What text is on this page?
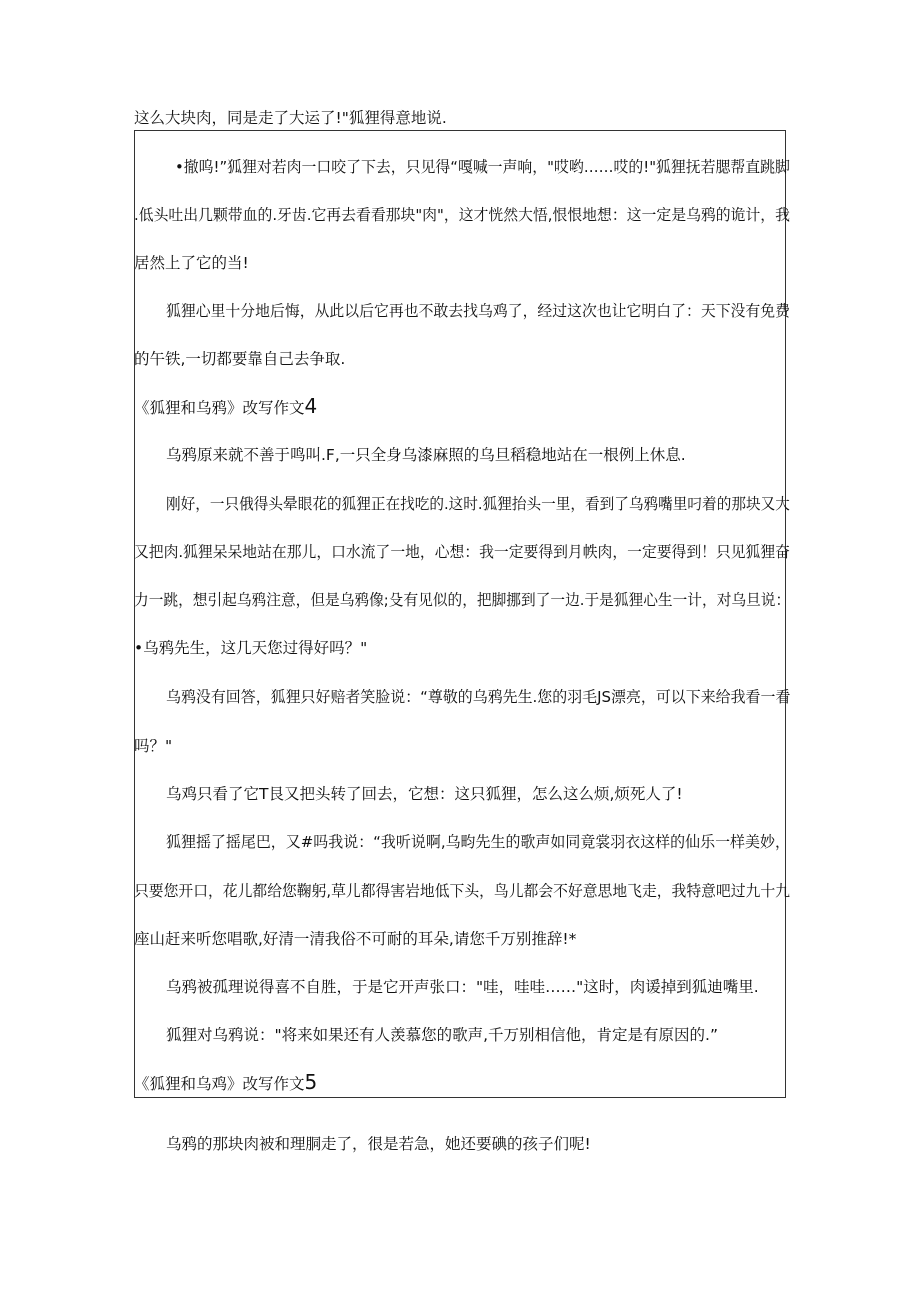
这么大块肉，同是走了大运了!"狐狸得意地说.
•撤呜!”狐狸对若肉一口咬了下去，只见得“嘎喊一声响，"哎哟……哎的!"狐狸抚若腮帮直跳脚
.低头吐出几颗带血的.牙齿.它再去看看那块"肉"，这才恍然大悟,恨恨地想：这一定是乌鸦的诡计，我
居然上了它的当!
狐狸心里十分地后悔，从此以后它再也不敢去找乌鸡了，经过这次也让它明白了：天下没有免费
的午铁,一切都要靠自己去争取.
《狐狸和乌鸦》改写作文4
乌鸦原来就不善于鸣叫.F,一只全身乌漆麻照的乌旦稻稳地站在一根例上休息.
刚好，一只俄得头晕眼花的狐狸正在找吃的.这时.狐狸抬头一里，看到了乌鸦嘴里叼着的那块又大
又把肉.狐狸呆呆地站在那儿，口水流了一地，心想：我一定要得到月帙肉，一定要得到！只见狐狸奋
力一跳，想引起乌鸦注意，但是乌鸦像;殳有见似的，把脚挪到了一边.于是狐狸心生一计，对乌旦说：
•乌鸦先生，这几天您过得好吗？"
乌鸦没有回答，狐狸只好赔者笑脸说：“尊敬的乌鸦先生.您的羽毛JS漂亮，可以下来给我看一看
吗？"
乌鸡只看了它T艮又把头转了回去，它想：这只狐狸，怎么这么烦,烦死人了!
狐狸摇了摇尾巴，又#吗我说：“我听说啊,乌畇先生的歌声如同竟裳羽衣这样的仙乐一样美妙，
只要您开口，花儿都给您鞠躬,草儿都得害岩地低下头，鸟儿都会不好意思地飞走，我特意吧过九十九
座山赶来听您唱歌,好清一清我俗不可耐的耳朵,请您千万别推辞!*
乌鸦被孤理说得喜不自胜，于是它开声张口："哇，哇哇……"这时，肉谖掉到狐迪嘴里.
狐狸对乌鸦说："将来如果还有人羡慕您的歌声,千万别相信他，肯定是有原因的.”
《狐狸和乌鸡》改写作文5
乌鸦的那块肉被和理胴走了，很是若急，她还要碘的孩子们呢!
